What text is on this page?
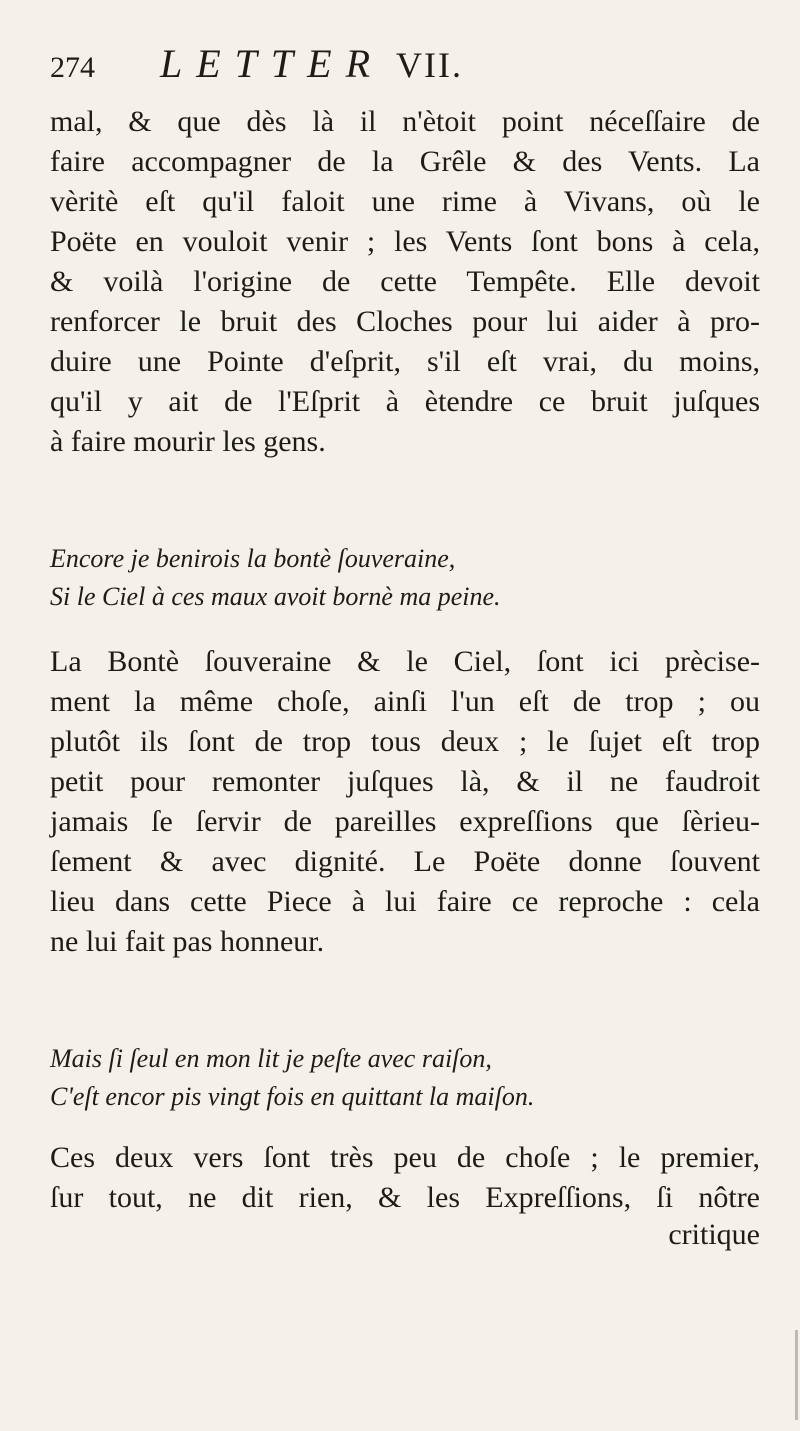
274	LETTER VII.

mal, & que dès là il n'ètoit point néceſſaire de
faire accompagner de la Grêle & des Vents. La
vèritè eſt qu'il faloit une rime à Vivans, où le
Poëte en vouloit venir ; les Vents ſont bons à cela,
& voilà l'origine de cette Tempête. Elle devoit
renforcer le bruit des Cloches pour lui aider à pro-
duire une Pointe d'eſprit, s'il eſt vrai, du moins,
qu'il y ait de l'Eſprit à ètendre ce bruit juſques
à faire mourir les gens.

Encore je benirois la bontè ſouveraine,
Si le Ciel à ces maux avoit bornè ma peine.

La Bontè ſouveraine & le Ciel, ſont ici prècise-
ment la même choſe, ainſi l'un eſt de trop ; ou
plutôt ils ſont de trop tous deux ; le ſujet eſt trop
petit pour remonter juſques là, & il ne faudroit
jamais ſe ſervir de pareilles expreſſions que ſèrieu-
ſement & avec dignité. Le Poëte donne ſouvent
lieu dans cette Piece à lui faire ce reproche : cela
ne lui fait pas honneur.

Mais ſi ſeul en mon lit je peſte avec raiſon,
C'eſt encor pis vingt fois en quittant la maiſon.

Ces deux vers ſont très peu de choſe ; le premier,
ſur tout, ne dit rien, & les Expreſſions, ſi nôtre

critique
